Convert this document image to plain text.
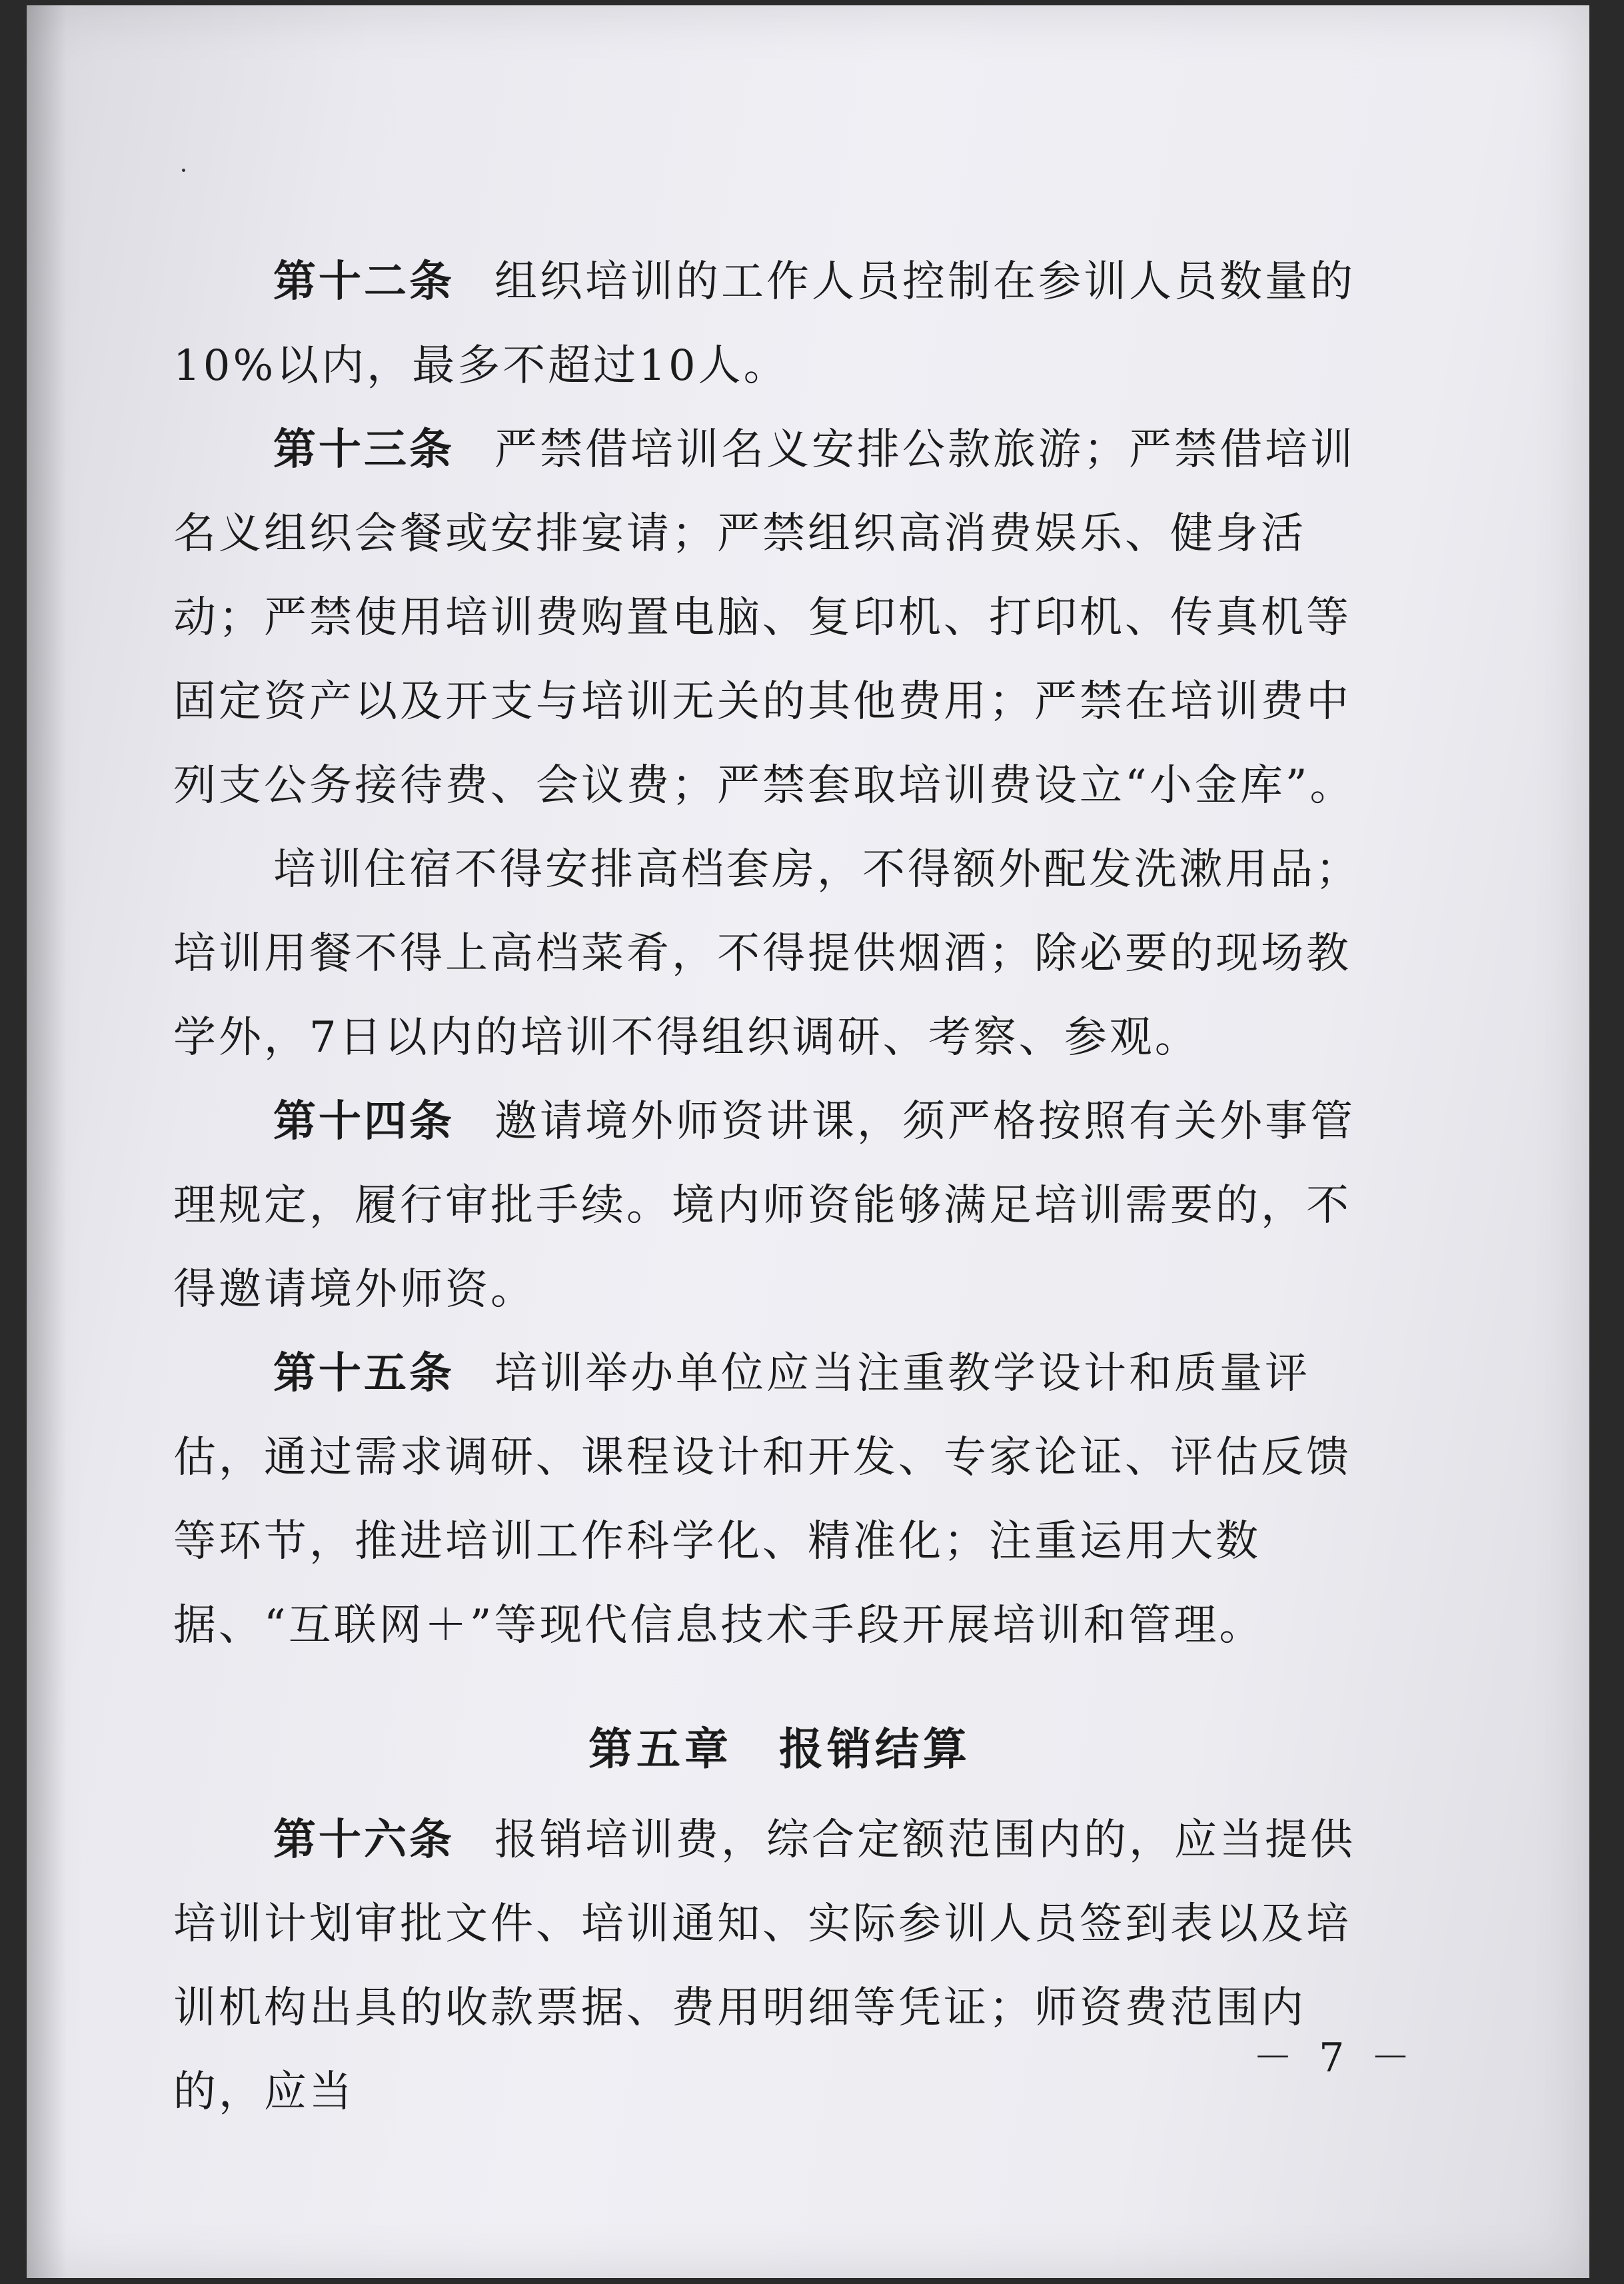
第十二条 组织培训的工作人员控制在参训人员数量的10%以内，最多不超过10人。

第十三条 严禁借培训名义安排公款旅游；严禁借培训名义组织会餐或安排宴请；严禁组织高消费娱乐、健身活动；严禁使用培训费购置电脑、复印机、打印机、传真机等固定资产以及开支与培训无关的其他费用；严禁在培训费中列支公务接待费、会议费；严禁套取培训费设立“小金库”。

培训住宿不得安排高档套房，不得额外配发洗漱用品；培训用餐不得上高档菜肴，不得提供烟酒；除必要的现场教学外，7日以内的培训不得组织调研、考察、参观。

第十四条 邀请境外师资讲课，须严格按照有关外事管理规定，履行审批手续。境内师资能够满足培训需要的，不得邀请境外师资。

第十五条 培训举办单位应当注重教学设计和质量评估，通过需求调研、课程设计和开发、专家论证、评估反馈等环节，推进培训工作科学化、精准化；注重运用大数据、“互联网＋”等现代信息技术手段开展培训和管理。

第五章 报销结算

第十六条 报销培训费，综合定额范围内的，应当提供培训计划审批文件、培训通知、实际参训人员签到表以及培训机构出具的收款票据、费用明细等凭证；师资费范围内的，应当

－ 7 －
